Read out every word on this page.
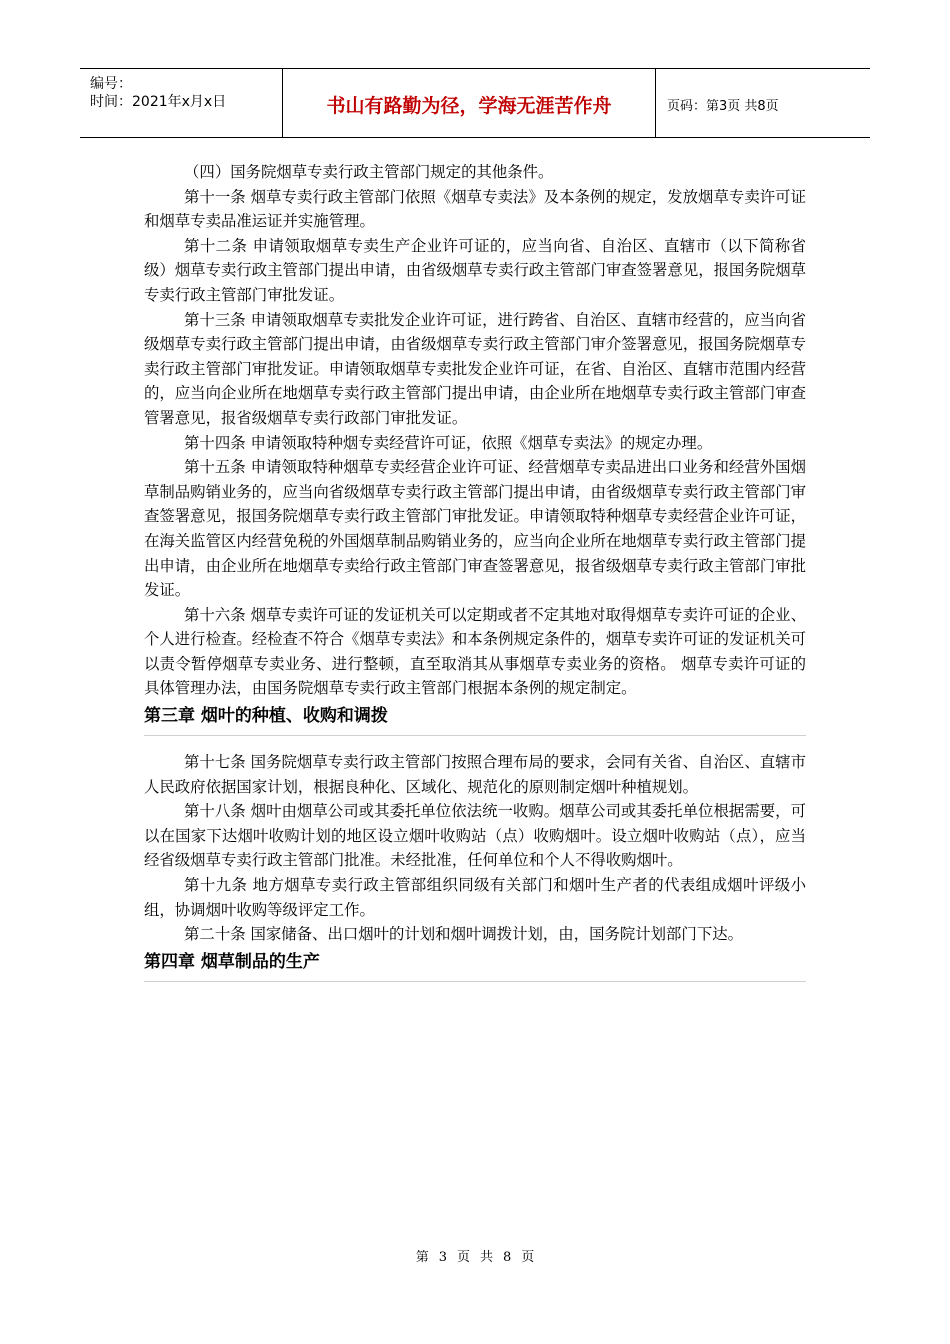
编号：
时间：2021年x月x日	书山有路勤为径，学海无涯苦作舟	页码：第3页 共8页

（四）国务院烟草专卖行政主管部门规定的其他条件。

第十一条 烟草专卖行政主管部门依照《烟草专卖法》及本条例的规定，发放烟草专卖许可证和烟草专卖品准运证并实施管理。

第十二条 申请领取烟草专卖生产企业许可证的，应当向省、自治区、直辖市（以下简称省级）烟草专卖行政主管部门提出申请，由省级烟草专卖行政主管部门审查签署意见，报国务院烟草专卖行政主管部门审批发证。

第十三条 申请领取烟草专卖批发企业许可证，进行跨省、自治区、直辖市经营的，应当向省级烟草专卖行政主管部门提出申请，由省级烟草专卖行政主管部门审介签署意见，报国务院烟草专卖行政主管部门审批发证。申请领取烟草专卖批发企业许可证，在省、自治区、直辖市范围内经营的，应当向企业所在地烟草专卖行政主管部门提出申请，由企业所在地烟草专卖行政主管部门审查管署意见，报省级烟草专卖行政部门审批发证。

第十四条 申请领取特种烟专卖经营许可证，依照《烟草专卖法》的规定办理。

第十五条 申请领取特种烟草专卖经营企业许可证、经营烟草专卖品进出口业务和经营外国烟草制品购销业务的，应当向省级烟草专卖行政主管部门提出申请，由省级烟草专卖行政主管部门审查签署意见，报国务院烟草专卖行政主管部门审批发证。申请领取特种烟草专卖经营企业许可证，在海关监管区内经营免税的外国烟草制品购销业务的，应当向企业所在地烟草专卖行政主管部门提出申请，由企业所在地烟草专卖给行政主管部门审查签署意见，报省级烟草专卖行政主管部门审批发证。

第十六条 烟草专卖许可证的发证机关可以定期或者不定其地对取得烟草专卖许可证的企业、个人进行检查。经检查不符合《烟草专卖法》和本条例规定条件的，烟草专卖许可证的发证机关可以责令暂停烟草专卖业务、进行整顿，直至取消其从事烟草专卖业务的资格。 烟草专卖许可证的具体管理办法，由国务院烟草专卖行政主管部门根据本条例的规定制定。

第三章 烟叶的种植、收购和调拨

第十七条 国务院烟草专卖行政主管部门按照合理布局的要求，会同有关省、自治区、直辖市人民政府依据国家计划，根据良种化、区域化、规范化的原则制定烟叶种植规划。

第十八条 烟叶由烟草公司或其委托单位依法统一收购。烟草公司或其委托单位根据需要，可以在国家下达烟叶收购计划的地区设立烟叶收购站（点）收购烟叶。设立烟叶收购站（点），应当经省级烟草专卖行政主管部门批准。未经批准，任何单位和个人不得收购烟叶。

第十九条 地方烟草专卖行政主管部组织同级有关部门和烟叶生产者的代表组成烟叶评级小组，协调烟叶收购等级评定工作。

第二十条 国家储备、出口烟叶的计划和烟叶调拨计划，由，国务院计划部门下达。

第四章 烟草制品的生产
第 3 页 共 8 页
